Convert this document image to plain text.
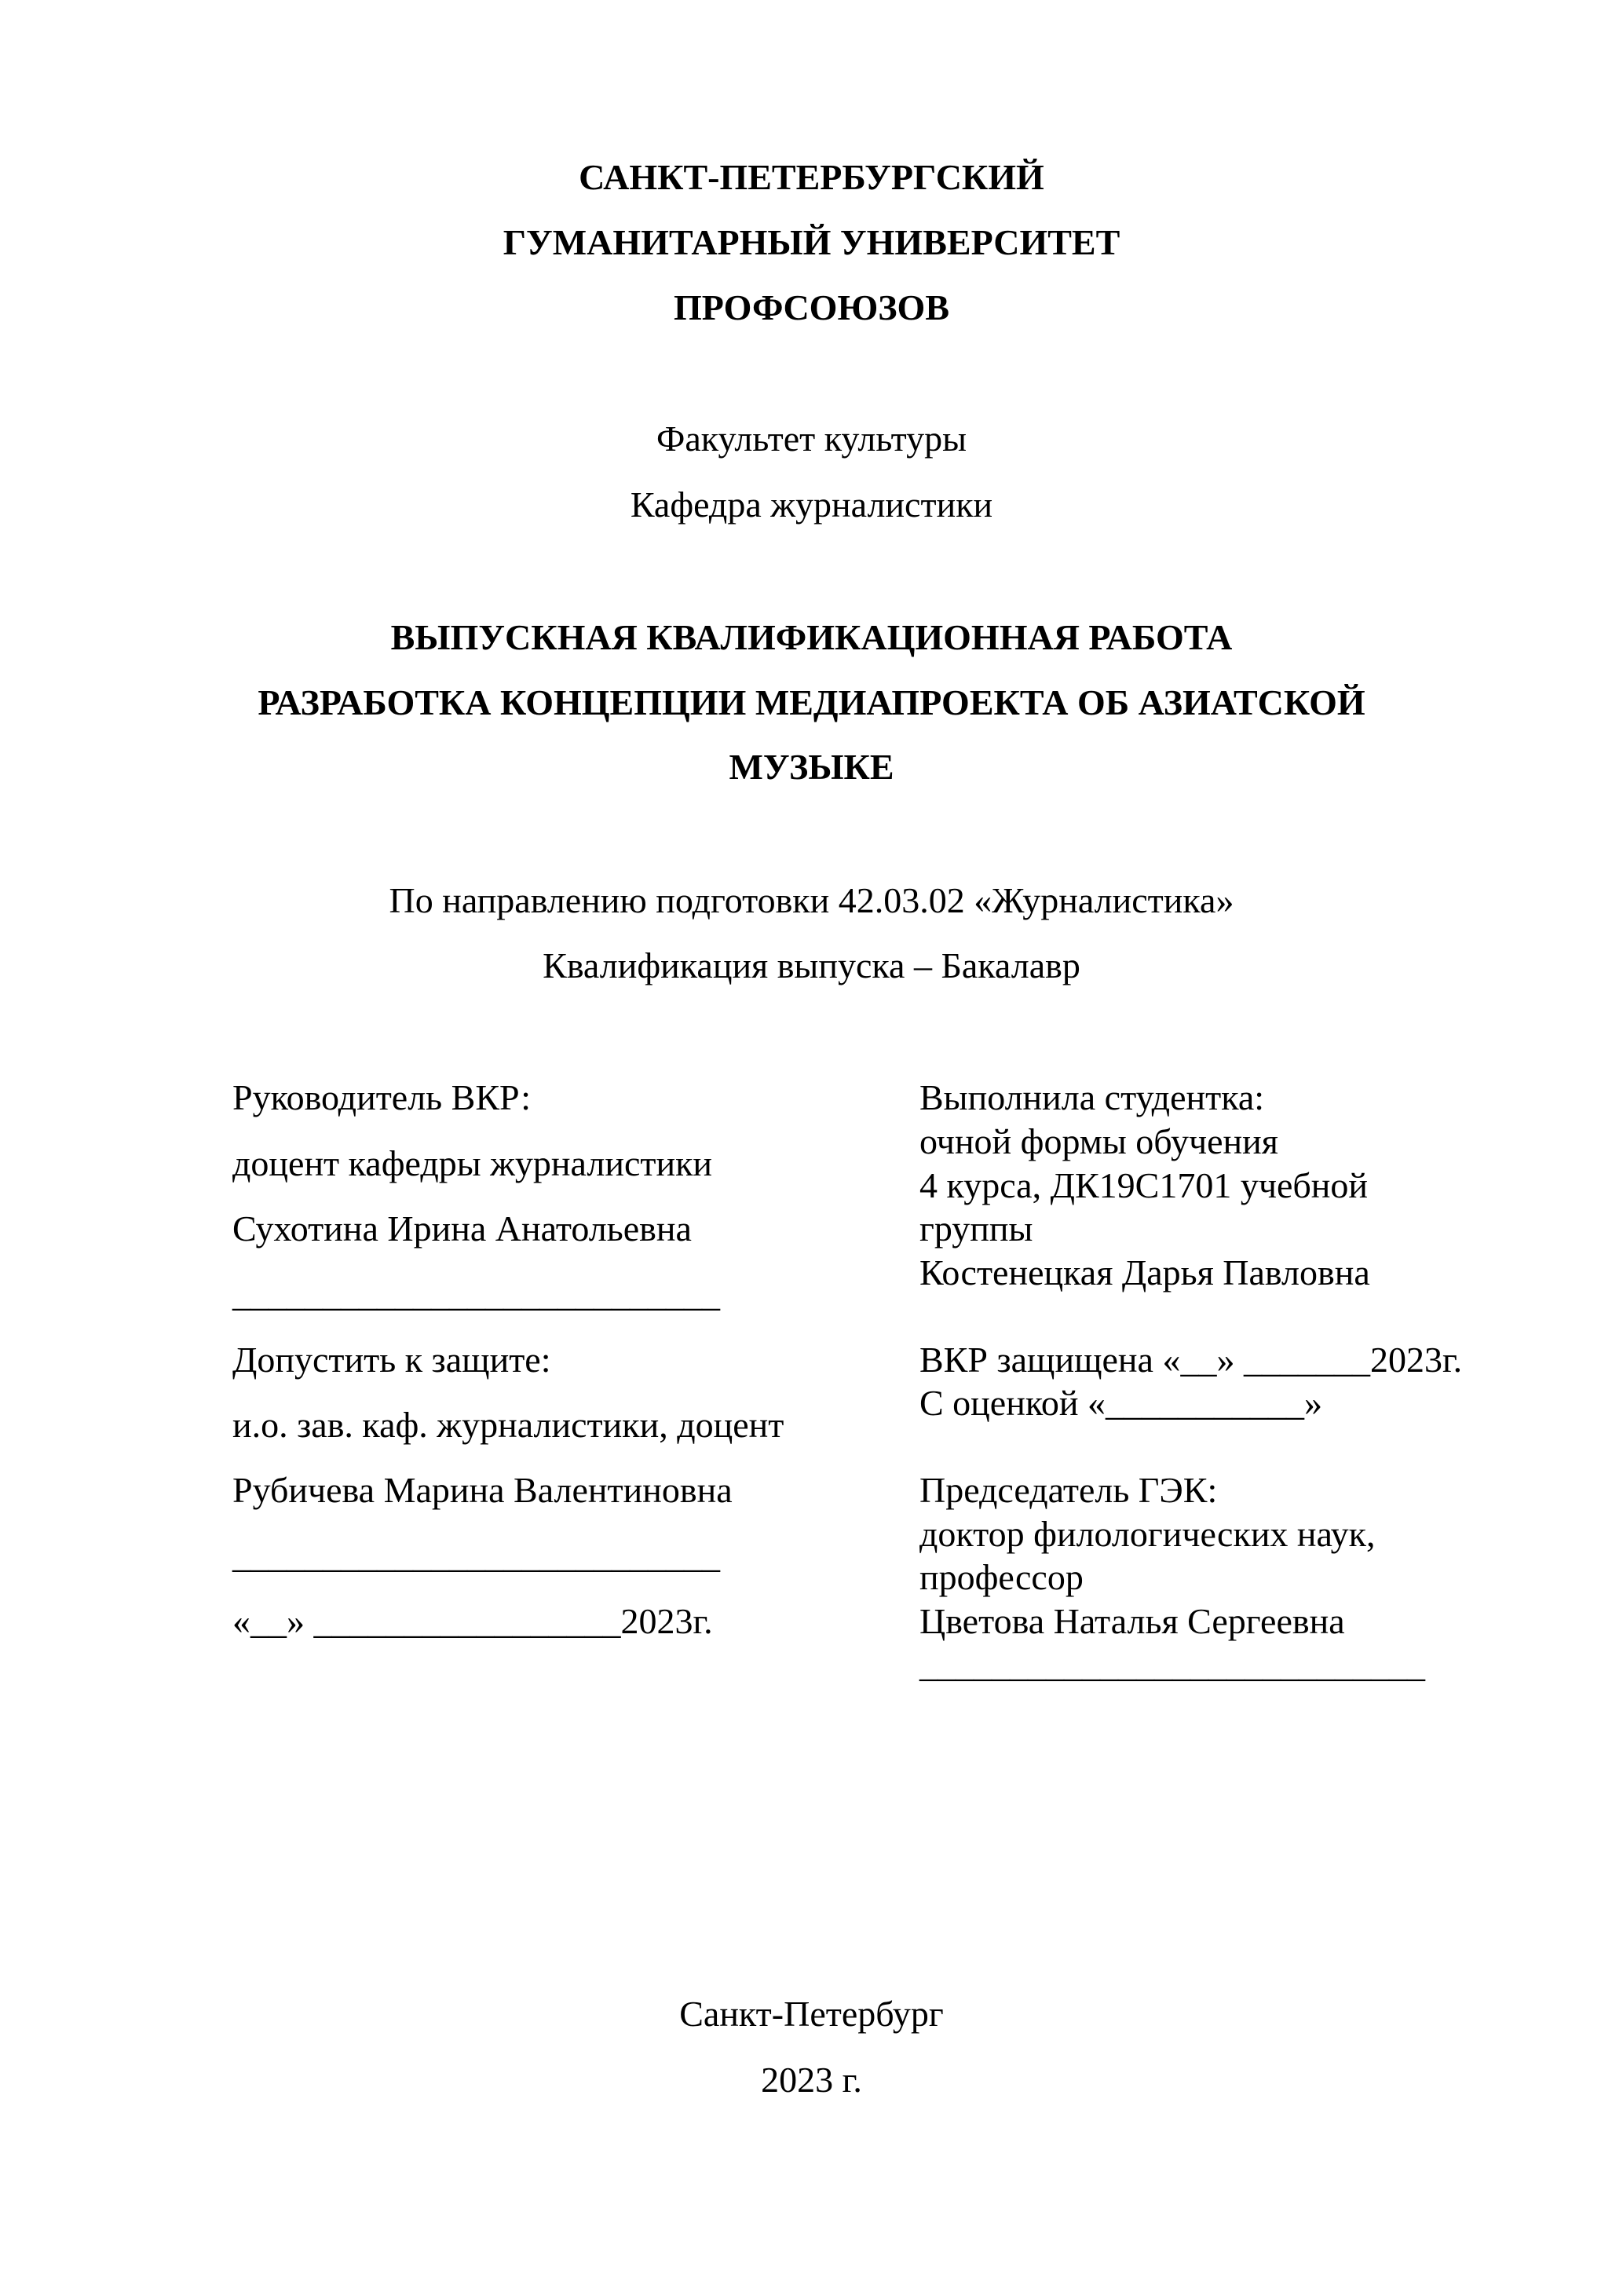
САНКТ-ПЕТЕРБУРГСКИЙ
ГУМАНИТАРНЫЙ УНИВЕРСИТЕТ
ПРОФСОЮЗОВ
Факультет культуры
Кафедра журналистики
ВЫПУСКНАЯ КВАЛИФИКАЦИОННАЯ РАБОТА
РАЗРАБОТКА КОНЦЕПЦИИ МЕДИАПРОЕКТА ОБ АЗИАТСКОЙ
МУЗЫКЕ
По направлению подготовки 42.03.02 «Журналистика»
Квалификация выпуска – Бакалавр
Руководитель ВКР:
доцент кафедры журналистики
Сухотина Ирина Анатольевна
___________________________
Допустить к защите:
и.о. зав. каф. журналистики, доцент
Рубичева Марина Валентиновна
___________________________
«__» _________________2023г.
Выполнила студентка:
очной формы обучения
4 курса, ДК19С1701 учебной
группы
Костенецкая Дарья Павловна
ВКР защищена «__» _______2023г.
С оценкой «___________»
Председатель ГЭК:
доктор филологических наук,
профессор
Цветова Наталья Сергеевна
____________________________
Санкт-Петербург
2023 г.
